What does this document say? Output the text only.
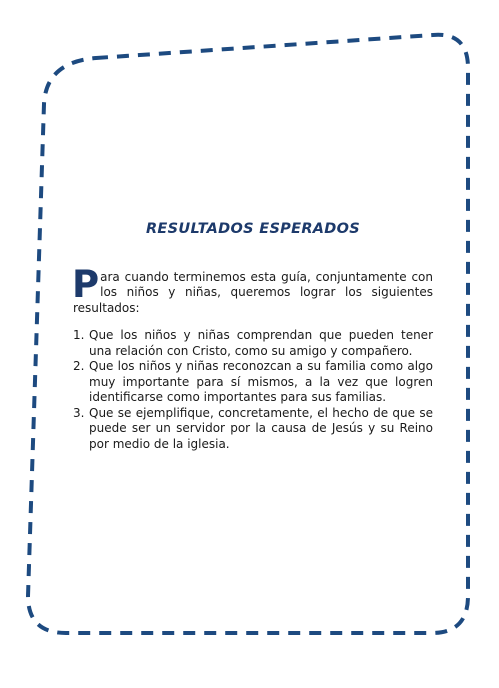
RESULTADOS ESPERADOS

Para cuando terminemos esta guía, conjuntamente con los niños y niñas, queremos lograr los siguientes resultados:

1. Que los niños y niñas comprendan que pueden tener una relación con Cristo, como su amigo y compañero.
2. Que los niños y niñas reconozcan a su familia como algo muy importante para sí mismos, a la vez que logren identificarse como importantes para sus familias.
3. Que se ejemplifique, concretamente, el hecho de que se puede ser un servidor por la causa de Jesús y su Reino por medio de la iglesia.
